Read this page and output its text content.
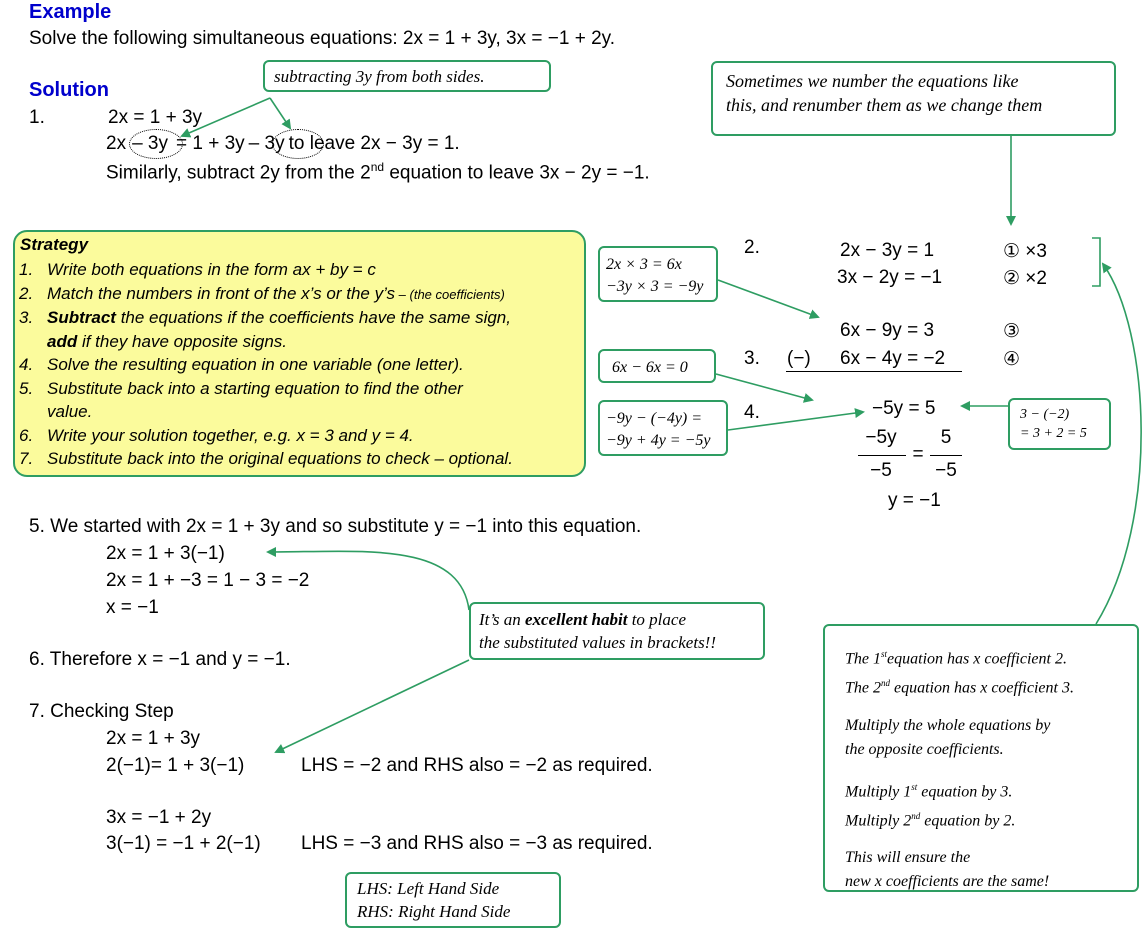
Example
Solve the following simultaneous equations: 2x = 1 + 3y, 3x = −1 + 2y.
Solution
1.	2x = 1 + 3y
2x – 3y = 1 + 3y – 3y to leave 2x − 3y = 1.
Similarly, subtract 2y from the 2nd equation to leave 3x − 2y = −1.
subtracting 3y from both sides.	Sometimes we number the equations like
this, and renumber them as we change them
Strategy
1. Write both equations in the form ax + by = c
2. Match the numbers in front of the x’s or the y’s – (the coefficients)
3. Subtract the equations if the coefficients have the same sign,
add if they have opposite signs.
4. Solve the resulting equation in one variable (one letter).
5. Substitute back into a starting equation to find the other
value.
6. Write your solution together, e.g. x = 3 and y = 4.
7. Substitute back into the original equations to check – optional.
2x × 3 = 6x
−3y × 3 = −9y
6x − 6x = 0
−9y − (−4y) =
−9y + 4y = −5y
3 − (−2)
= 3 + 2 = 5
2.	2x − 3y = 1	① ×3
3x − 2y = −1	② ×2
6x − 9y = 3	③
3. (−) 6x − 4y = −2	④
4.	−5y = 5
−5y
−5
=
5
−5
y = −1
5. We started with 2x = 1 + 3y and so substitute y = −1 into this equation.
2x = 1 + 3(−1)
2x = 1 + −3 = 1 − 3 = −2
x = −1
It’s an excellent habit to place
the substituted values in brackets!!
6. Therefore x = −1 and y = −1.
7. Checking Step
2x = 1 + 3y
2(−1)= 1 + 3(−1)	LHS = −2 and RHS also = −2 as required.
3x = −1 + 2y
3(−1) = −1 + 2(−1) LHS = −3 and RHS also = −3 as required.
LHS: Left Hand Side
RHS: Right Hand Side
The 1stequation has x coefficient 2.
The 2nd equation has x coefficient 3.
Multiply the whole equations by
the opposite coefficients.
Multiply 1st equation by 3.
Multiply 2nd equation by 2.
This will ensure the
new x coefficients are the same!
